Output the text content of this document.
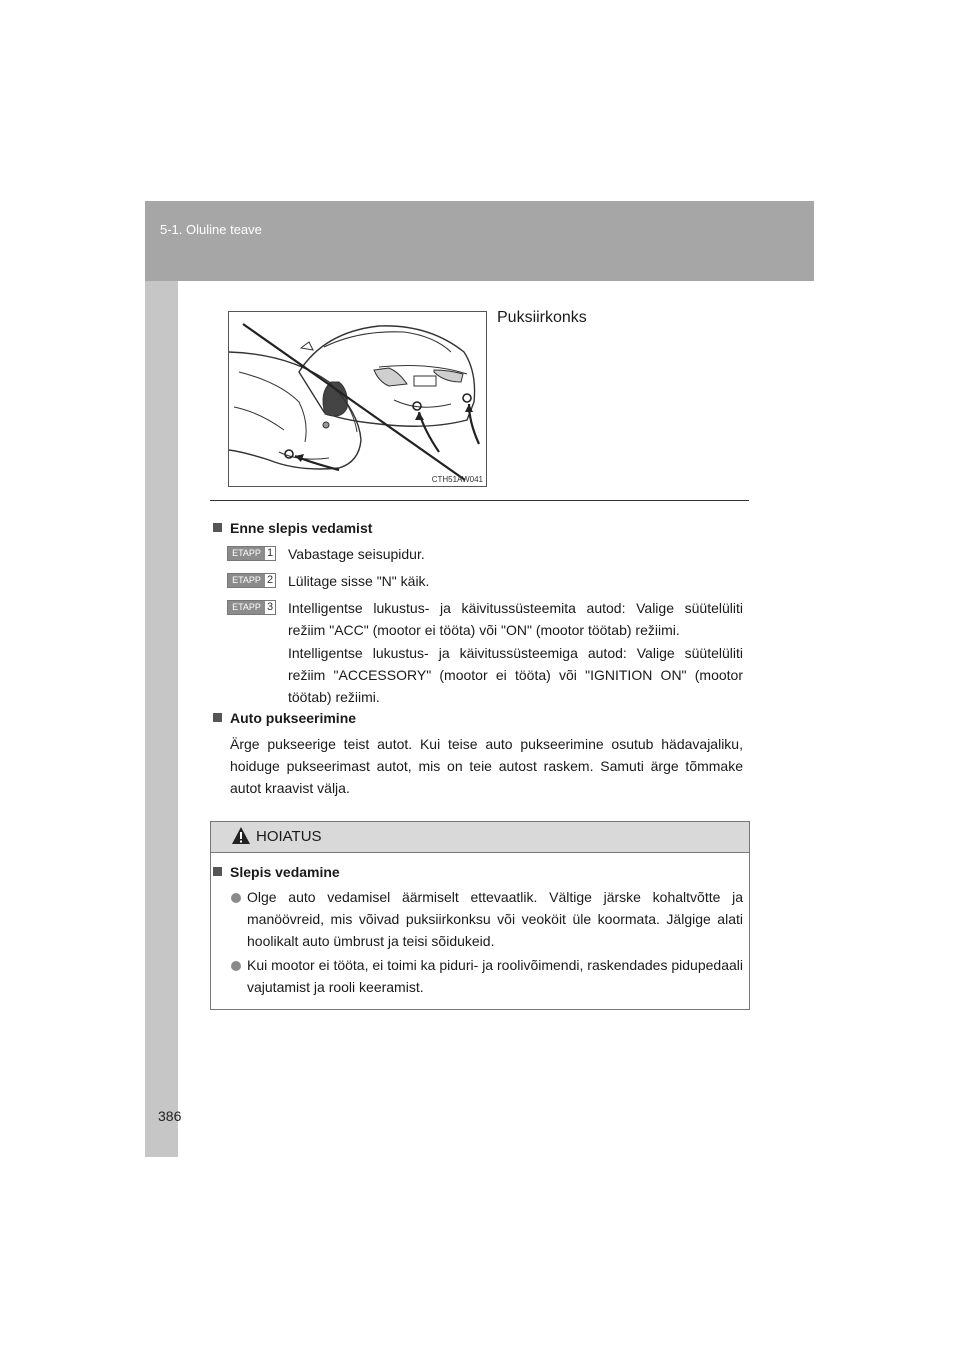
5-1. Oluline teave
386
CTH51AW041
Puksiirkonks
Enne slepis vedamist
ETAPP 1 Vabastage seisupidur.
ETAPP 2 Lülitage sisse "N" käik.
ETAPP 3 Intelligentse lukustus- ja käivitussüsteemita autod: Valige süütelüliti režiim "ACC" (mootor ei tööta) või "ON" (mootor töötab) režiimi.
Intelligentse lukustus- ja käivitussüsteemiga autod: Valige süütelüliti režiim "ACCESSORY" (mootor ei tööta) või "IGNITION ON" (mootor töötab) režiimi.
Auto pukseerimine
Ärge pukseerige teist autot. Kui teise auto pukseerimine osutub hädavajaliku, hoiduge pukseerimast autot, mis on teie autost raskem. Samuti ärge tõmmake autot kraavist välja.
HOIATUS
Slepis vedamine
Olge auto vedamisel äärmiselt ettevaatlik. Vältige järske kohaltvõtte ja manöövreid, mis võivad puksiirkonksu või veoköit üle koormata. Jälgige alati hoolikalt auto ümbrust ja teisi sõidukeid.
Kui mootor ei tööta, ei toimi ka piduri- ja roolivõimendi, raskendades pidupedaali vajutamist ja rooli keeramist.
